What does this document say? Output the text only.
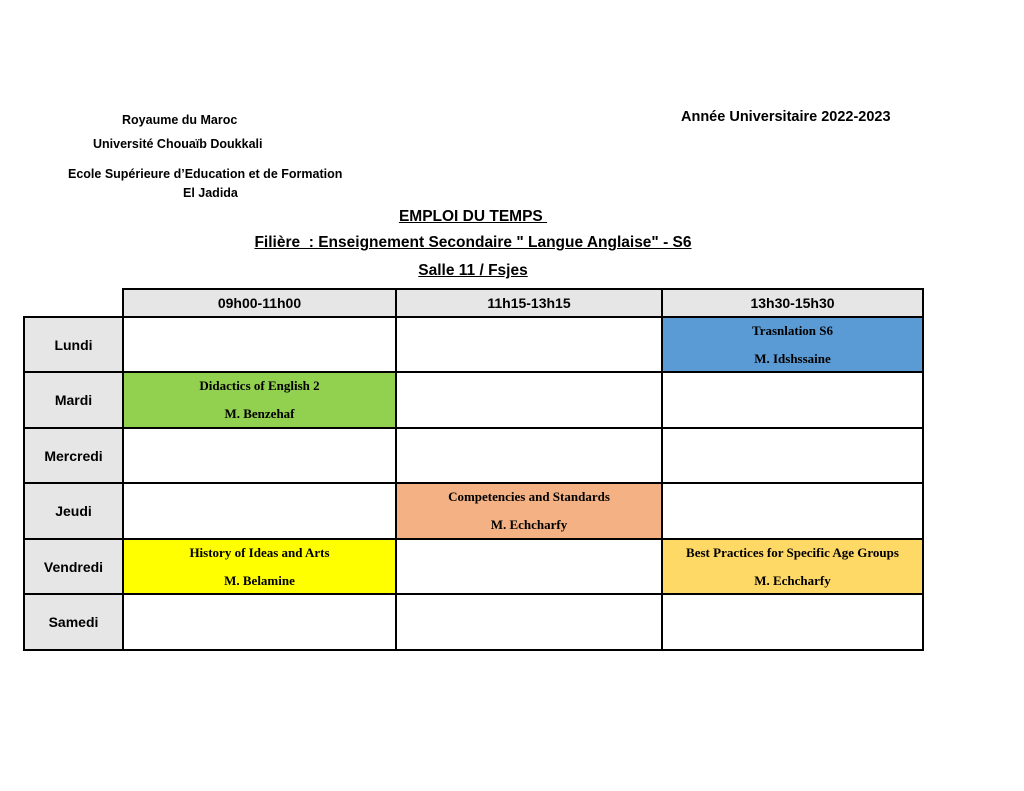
Royaume du Maroc
Université Chouaïb Doukkali
Ecole Supérieure d’Education et de Formation
El Jadida
Année Universitaire 2022-2023
EMPLOI DU TEMPS
Filière  : Enseignement Secondaire " Langue Anglaise" - S6
Salle 11 / Fsjes
09h00-11h00	11h15-13h15	13h30-15h30
Lundi
Trasnlation S6
M. Idshssaine
Mardi
Didactics of English 2
M. Benzehaf
Mercredi
Jeudi
Competencies and Standards
M. Echcharfy
Vendredi
History of Ideas and Arts
M. Belamine
Best Practices for Specific Age Groups
M. Echcharfy
Samedi
